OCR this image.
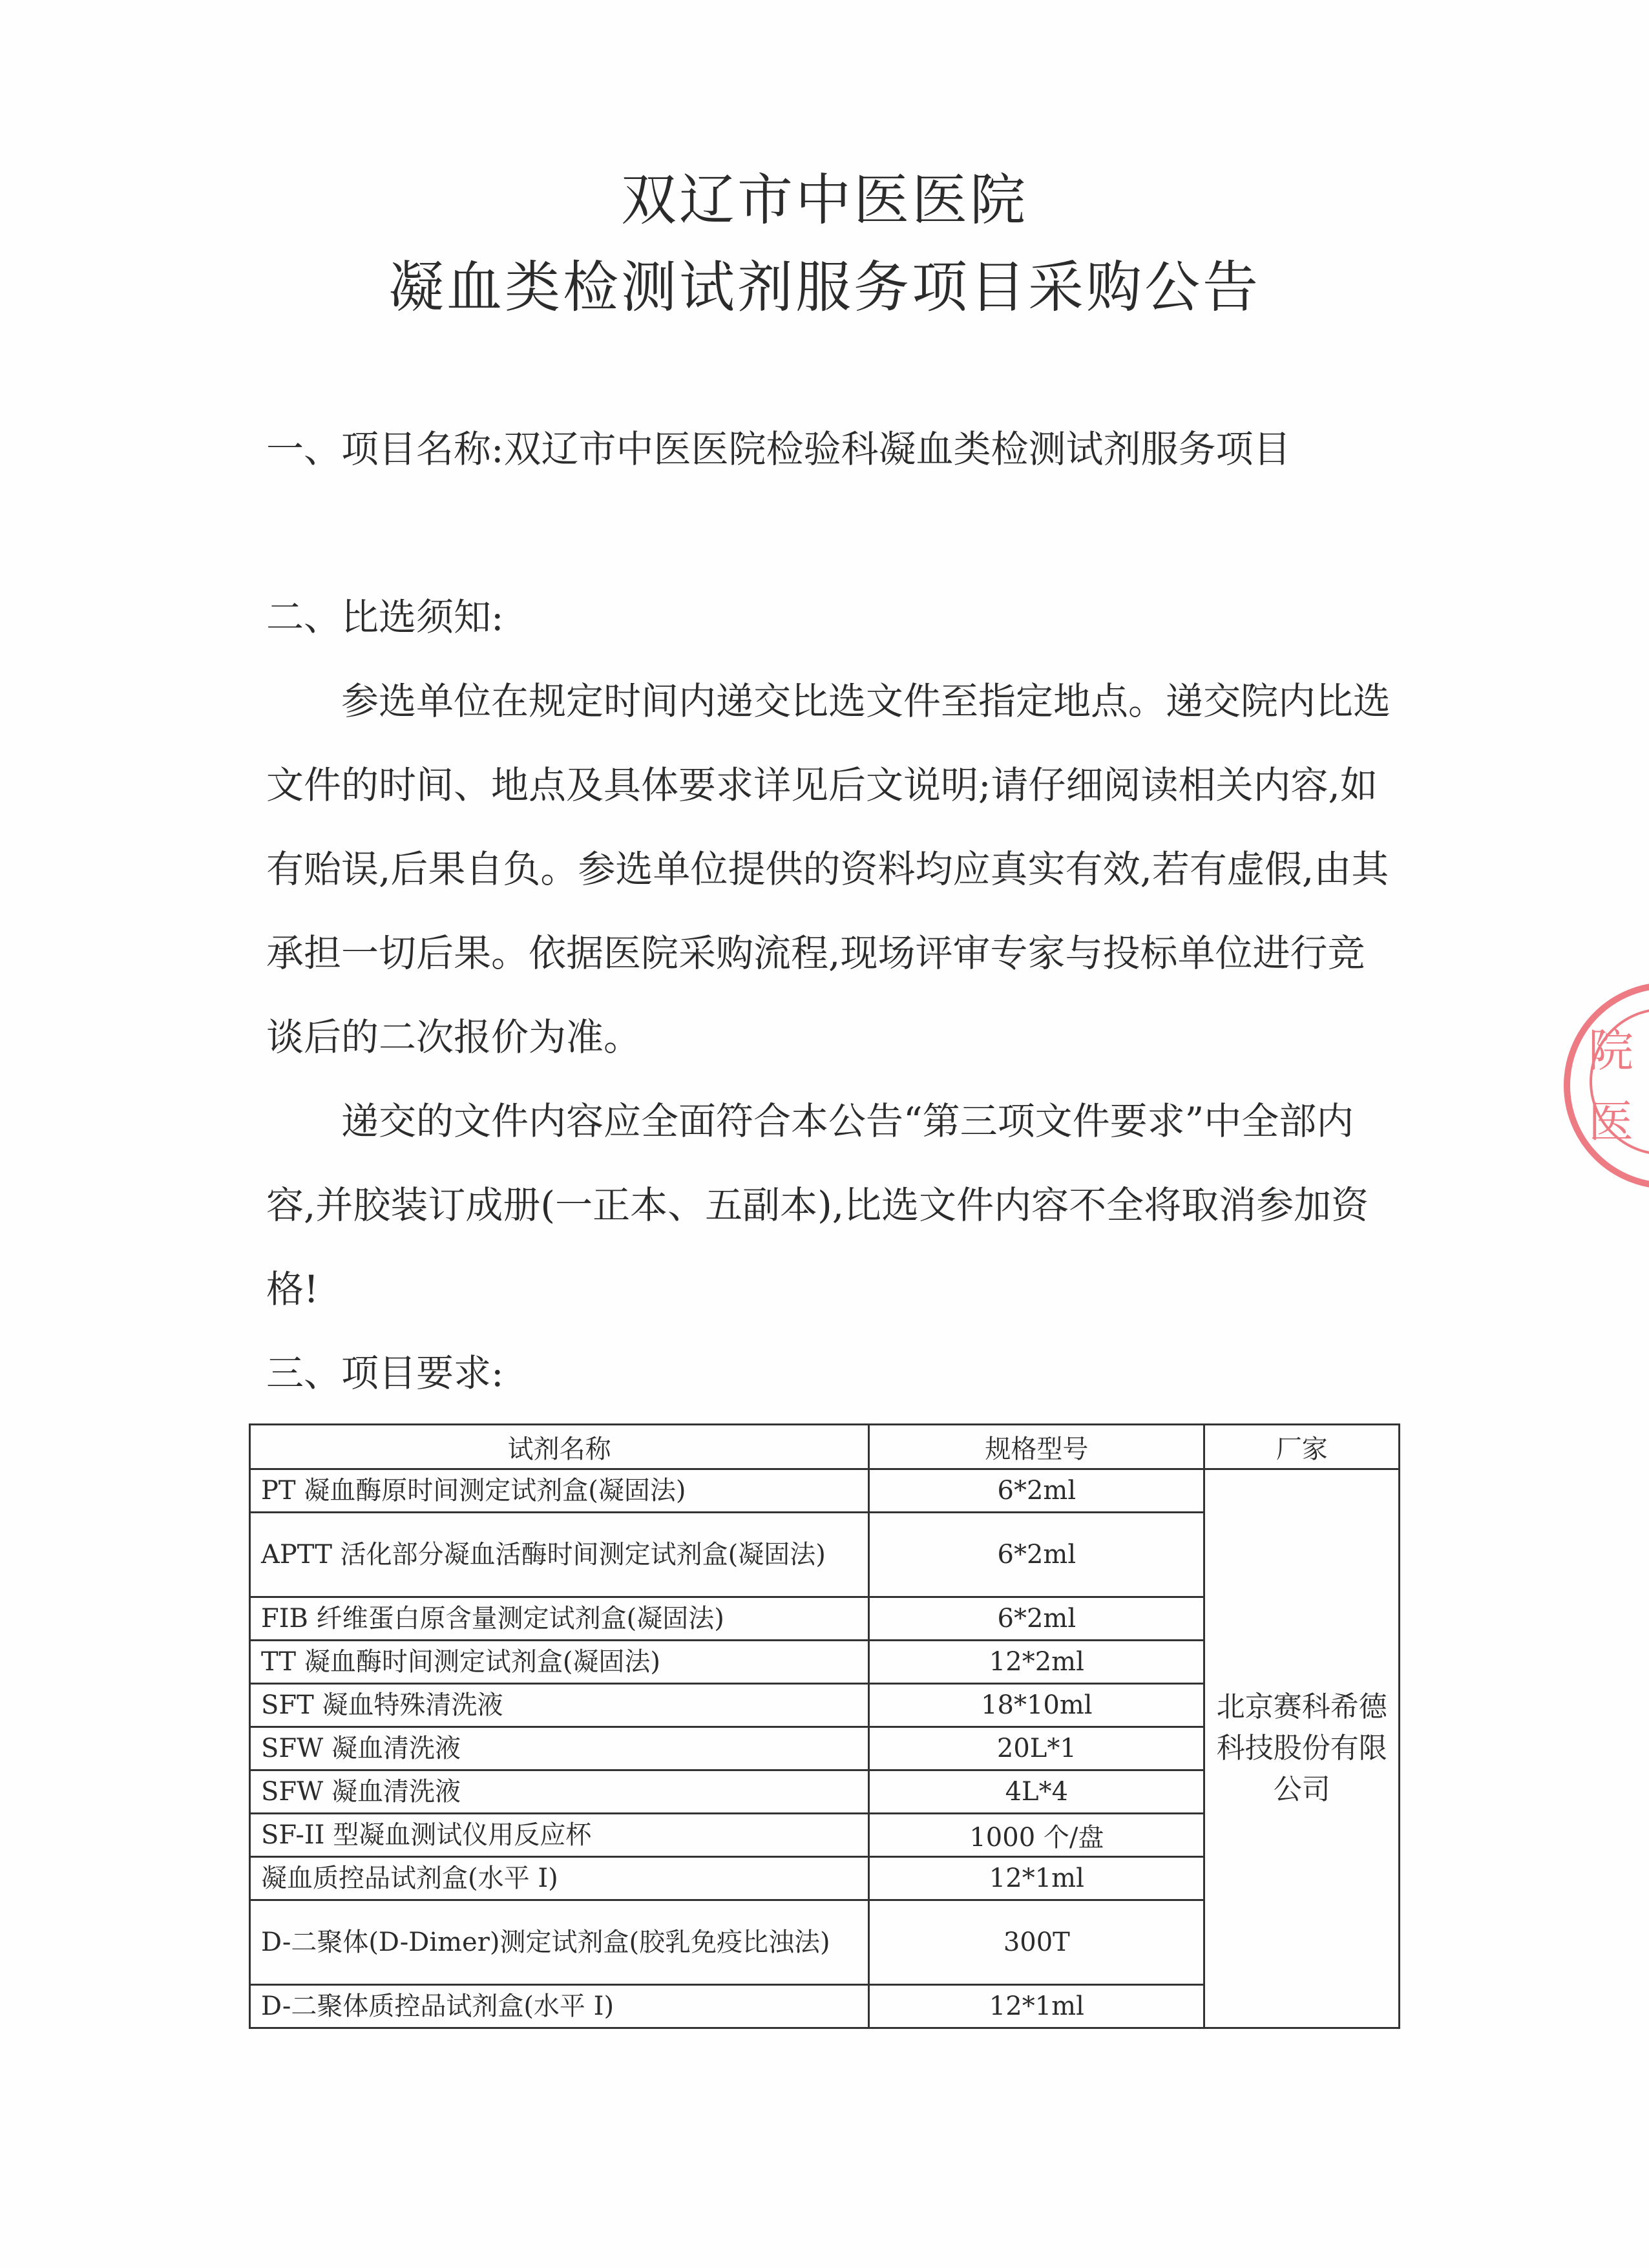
双辽市中医医院
凝血类检测试剂服务项目采购公告

一、项目名称:双辽市中医医院检验科凝血类检测试剂服务项目

二、比选须知:

参选单位在规定时间内递交比选文件至指定地点。递交院内比选文件的时间、地点及具体要求详见后文说明;请仔细阅读相关内容,如有贻误,后果自负。参选单位提供的资料均应真实有效,若有虚假,由其承担一切后果。依据医院采购流程,现场评审专家与投标单位进行竞谈后的二次报价为准。

递交的文件内容应全面符合本公告“第三项文件要求”中全部内容,并胶装订成册(一正本、五副本),比选文件内容不全将取消参加资格!

三、项目要求:

试剂名称	规格型号	厂家
PT 凝血酶原时间测定试剂盒(凝固法)	6*2ml	北京赛科希德科技股份有限公司
APTT 活化部分凝血活酶时间测定试剂盒(凝固法)	6*2ml	
FIB 纤维蛋白原含量测定试剂盒(凝固法)	6*2ml	
TT 凝血酶时间测定试剂盒(凝固法)	12*2ml	
SFT 凝血特殊清洗液	18*10ml	
SFW 凝血清洗液	20L*1	
SFW 凝血清洗液	4L*4	
SF-II 型凝血测试仪用反应杯	1000 个/盘	
凝血质控品试剂盒(水平 I)	12*1ml	
D-二聚体(D-Dimer)测定试剂盒(胶乳免疫比浊法)	300T	
D-二聚体质控品试剂盒(水平 I)	12*1ml	
院
医
